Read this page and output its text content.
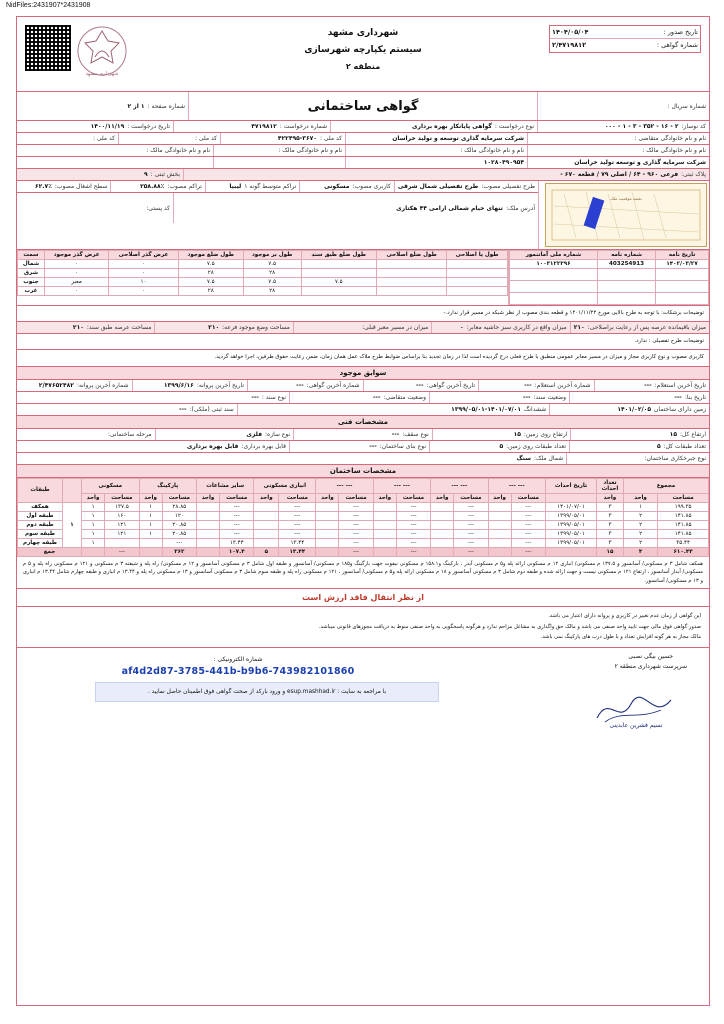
NidFiles:2431907*2431908
شهرداری مشهد
شهرداری مشهد
سیستم یکپارچه شهرسازی
منطقه ۲
تاریخ صدور :
۱۴۰۴/۰۵/۰۴
شماره گواهی :
۲/۴۷۱۹۸۱۲
شماره سریال :
گواهی ساختمانی
شماره صفحه :
۱ از ۲
کد نوساز:
۲ - ۱۶ - ۳۵۲ - ۳ - ۱ - ۰۰۰
نوع درخواست :
گواهی پایانکار بهره برداری
شماره درخواست :
۴۷۱۹۸۱۲
تاریخ درخواست :
۱۴۰۰/۱۱/۱۹
نام و نام خانوادگی متقاضی :
شرکت سرمایه گذاری توسعه و تولید خراسان
کد ملی :
۴۲۲۴۹۵-۳۶۷۰
کد ملی :
کد ملی :
نام و نام خانوادگی مالک :
نام و نام خانوادگی مالک :
نام و نام خانوادگی مالک :
نام و نام خانوادگی مالک :
شرکت سرمایه گذاری و توسعه تولید خراسان
۱۰۲۸۰۴۹۰۹۵۴
پلاک ثبتی:
فرعی ۹۶۰ - ۶۴ / اصلی ۷۹ / قطعه ۶۷۰ -
بخش ثبتی :
۹
نقشه موقعیت ملک
طرح تفصیلی مصوب:
طرح تفصیلی شمال شرقی
کاربری مصوب:
مسکونی
تراکم متوسط گونه ۱
لیبیا
تراکم مصوب:
۲۵۸.۸۸٪
سطح اشغال مصوب:
۶۲.۷٪
آدرس ملک:
تنهای خیام شمالی ارامی ۴۴ هکتاری
کد پستی:
تاریخ نامه	شماره نامه	شماره ملی آماتنمور
۱۴۰۲/۰۳/۲۷	403254913	۱۰۰۳۱۲۲۳۹۶

طول یا اصلاحی	طول ضلع اصلاحی	طول ضلع طبق سند	طول بر موجود	طول ضلع موجود	عرض گذر اصلاحی	عرض گذر موجود	سمت
			۷.۵	۷.۵	۰	۰	شمال
			۲۸	۲۸	۰	۰	شرق
		۷.۵	۷.۵	۷.۵	۱۰	معبر	جنوب
			۲۸	۲۸	۰	۰	غرب
توضیحات برشکات: با توجه به طرح بالایی مورخ ۱۴۰۱/۱۱/۲۴ و قطعه بندی مصوب از نظر شبکه در مسیر قرار ندارد.-
میزان باقیمانده عرصه پس از رعایت براصلاحی:
۲۱۰
میزان واقع در کاربری سبز حاشیه معابر:
۰
میزان در مسیر معبر قبلی:
مساحت وضع موجود فرعه:
۲۱۰
مساحت عرصه طبق سند:
۲۱۰
توضیحات طرح تفصیلی : ندارد.
کاربری مصوب و نوع کاربری مجاز و میزان در مسیر معابر عمومی منطبق با طرح فعلی درج گردیده است لذا در زمان تجدید بنا براساس ضوابط طرح ملاک عمل همان زمان، ضمن رعایت حقوق طرفین، اجرا خواهد گردید.
سوابق موجود
تاریخ آخرین استعلام:
---
شماره آخرین استعلام:
---
تاریخ آخرین گواهی:
---
شماره آخرین گواهی:
---
تاریخ آخرین پروانه:
۱۳۹۹/۶/۱۶
شماره آخرین پروانه:
۲/۴۷۶۵۲۴۸۲
تاریخ بنا:
---
وضعیت سند:
---
وضعیت متقاضی:
---
نوع سند :
---
زمین دارای ساختمان
۱۴۰۱/۰۲/۰۵
ششدانگ
۱۳۹۹/۰۵/۰۱-۱۴۰۱/۰۷/۰۱
سند ثبتی (ملکی):
---
مشخصات فنی
ارتفاع کل:
۱۵
ارتفاع روی زمین:
۱۵
نوع سقف:
---
نوع سازه:
فلزی
مرحله ساختمانی:
تعداد طبقات کل:
۵
تعداد طبقات روی زمین:
۵
نوع بنای ساختمان:
---
قابل بهره برداری:
قابل بهره برداری
نوع جبرخکاری ساختمان:
شمال ملک:
سنگ
مشخصات ساختمان
مجموع		تعداد احداث	تاریخ احداث	--- ---		--- ---		--- ---		--- ---		انباری مسکونی		سایر مشاعات		پارکینگ		مسکونی			طبقات
مساحت	واحد	واحد		مساحت	واحد	مساحت	واحد	مساحت	واحد	مساحت	واحد	مساحت	واحد	مساحت	واحد	مساحت	واحد	مساحت	واحد		
۱۹۹.۳۵	۱	۳	۱۴۰۱/۰۷/۰۱	---		---		---		---		---		---		۲۸.۸۵	۱	۱۳۷.۵	۱	۱	همکف
۱۴۱.۸۵	۲	۳	۱۳۹۹/۰۵/۰۱	---		---		---		---		---		---		۱۲۰	۱	۱۶۰	۱		طبقه اول
۱۴۱.۸۵	۲	۳	۱۳۹۹/۰۵/۰۱	---		---		---		---		---		---		۲۰.۸۵	۱	۱۲۱	۱		طبقه دوم
۱۴۱.۸۵	۲	۳	۱۳۹۹/۰۵/۰۱	---		---		---		---		---		---		۲۰.۸۵	۱	۱۲۱	۱		طبقه سوم
۳۵.۴۴	۲	۳	۱۳۹۹/۰۵/۰۱	---		---		---		---		۱۳.۴۴		۱۳.۴۴		---			۱		طبقه چهارم
۶۱۰.۴۴	۴	۱۵		---		---		---		---		۱۳.۴۴	۵	۱۰۷.۴		۳۶۲		---		جمع	
همکف شامل ۳ م مسکونی/ آسانسور و ۱۳۷.۵ م مسکونی/ انباری ۱۲ م مسکونی ارائه پله و۵ م مسکونی آبدر ، بارکینگ و۱۵۸.۱ م مسکونی نیفوت جهت بارگینگ و۱۸۵ م مسکونی/ آسانسور و طبقه اول شامل ۳ م مسکونی آسانسور و ۱۲ م مسکونی/ راه پله و شیفته ۳ م مسکونی و ۱۲۱ م مسکونی راه پله و ۵ م مسکونی/ آبدار آسانسور ، ارتفاع ۱۲۱ م مسکونی نیست و جهت ارائه شده و طبقه دوم شامل ۳ م مسکونی آسانسور و ۱۸ م مسکونی ارائه پله و۵ م مسکونی/ آسانسور ، ۱۲۱ م مسکونی راه پله و طبقه سوم شامل ۳ م مسکونی آسانسور و ۱۳ م مسکونی راه پله و ۱۳.۴۴ م انباری و طبقه چهارم شامل ۱۳.۴۴ م انباری و ۱۳ م مسکونی/ آسانسور.
از نظر انتقال فاقد ارزش است
این گواهی از زمان عدم تغییر در کاربری و پروانه دارای اعتبار می باشد.
صدور گواهی فوق مالی جهت تایید واحد صنفی می باشد و مالک حق واگذاری به مشاغل مزاحم ندارد و هرگونه پاسخگویی به واحد صنفی منوط به دریافت مجوزهای قانونی میباشد.
مالک مجاز به هر گونه افزایش تعداد و یا طول درب های پارکینگ نمی باشد.
حسین بیگی نصبی
سرپرست شهرداری منطقه ۲
نسیم فشرین عابدینی
شماره الکترونیکی :
af4d2d87-3785-441b-b9b6-743982101860
با مراجعه به سایت : esup.mashhad.ir و ورود بارکد از صحت گواهی فوق اطمینان حاصل نمایید .
